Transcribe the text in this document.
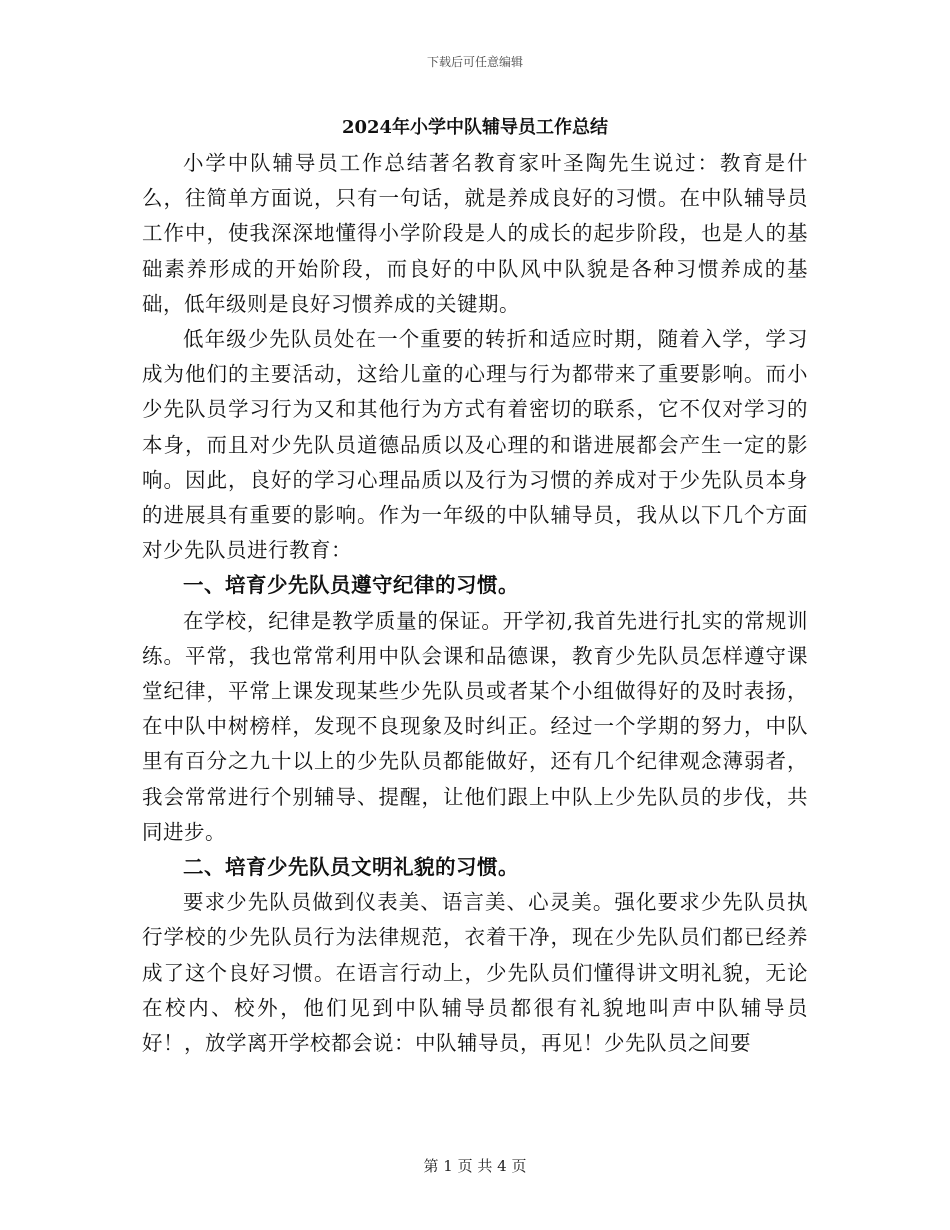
下载后可任意编辑
2024年小学中队辅导员工作总结

小学中队辅导员工作总结著名教育家叶圣陶先生说过：教育是什么，往简单方面说，只有一句话，就是养成良好的习惯。在中队辅导员工作中，使我深深地懂得小学阶段是人的成长的起步阶段，也是人的基础素养形成的开始阶段，而良好的中队风中队貌是各种习惯养成的基础，低年级则是良好习惯养成的关键期。

低年级少先队员处在一个重要的转折和适应时期，随着入学，学习成为他们的主要活动，这给儿童的心理与行为都带来了重要影响。而小少先队员学习行为又和其他行为方式有着密切的联系，它不仅对学习的本身，而且对少先队员道德品质以及心理的和谐进展都会产生一定的影响。因此，良好的学习心理品质以及行为习惯的养成对于少先队员本身的进展具有重要的影响。作为一年级的中队辅导员，我从以下几个方面对少先队员进行教育：

一、培育少先队员遵守纪律的习惯。

在学校，纪律是教学质量的保证。开学初,我首先进行扎实的常规训练。平常，我也常常利用中队会课和品德课，教育少先队员怎样遵守课堂纪律，平常上课发现某些少先队员或者某个小组做得好的及时表扬，在中队中树榜样，发现不良现象及时纠正。经过一个学期的努力，中队里有百分之九十以上的少先队员都能做好，还有几个纪律观念薄弱者，我会常常进行个别辅导、提醒，让他们跟上中队上少先队员的步伐，共同进步。

二、培育少先队员文明礼貌的习惯。

要求少先队员做到仪表美、语言美、心灵美。强化要求少先队员执行学校的少先队员行为法律规范，衣着干净，现在少先队员们都已经养成了这个良好习惯。在语言行动上，少先队员们懂得讲文明礼貌，无论在校内、校外，他们见到中队辅导员都很有礼貌地叫声中队辅导员好！，放学离开学校都会说：中队辅导员，再见！少先队员之间要

第 1 页 共 4 页
